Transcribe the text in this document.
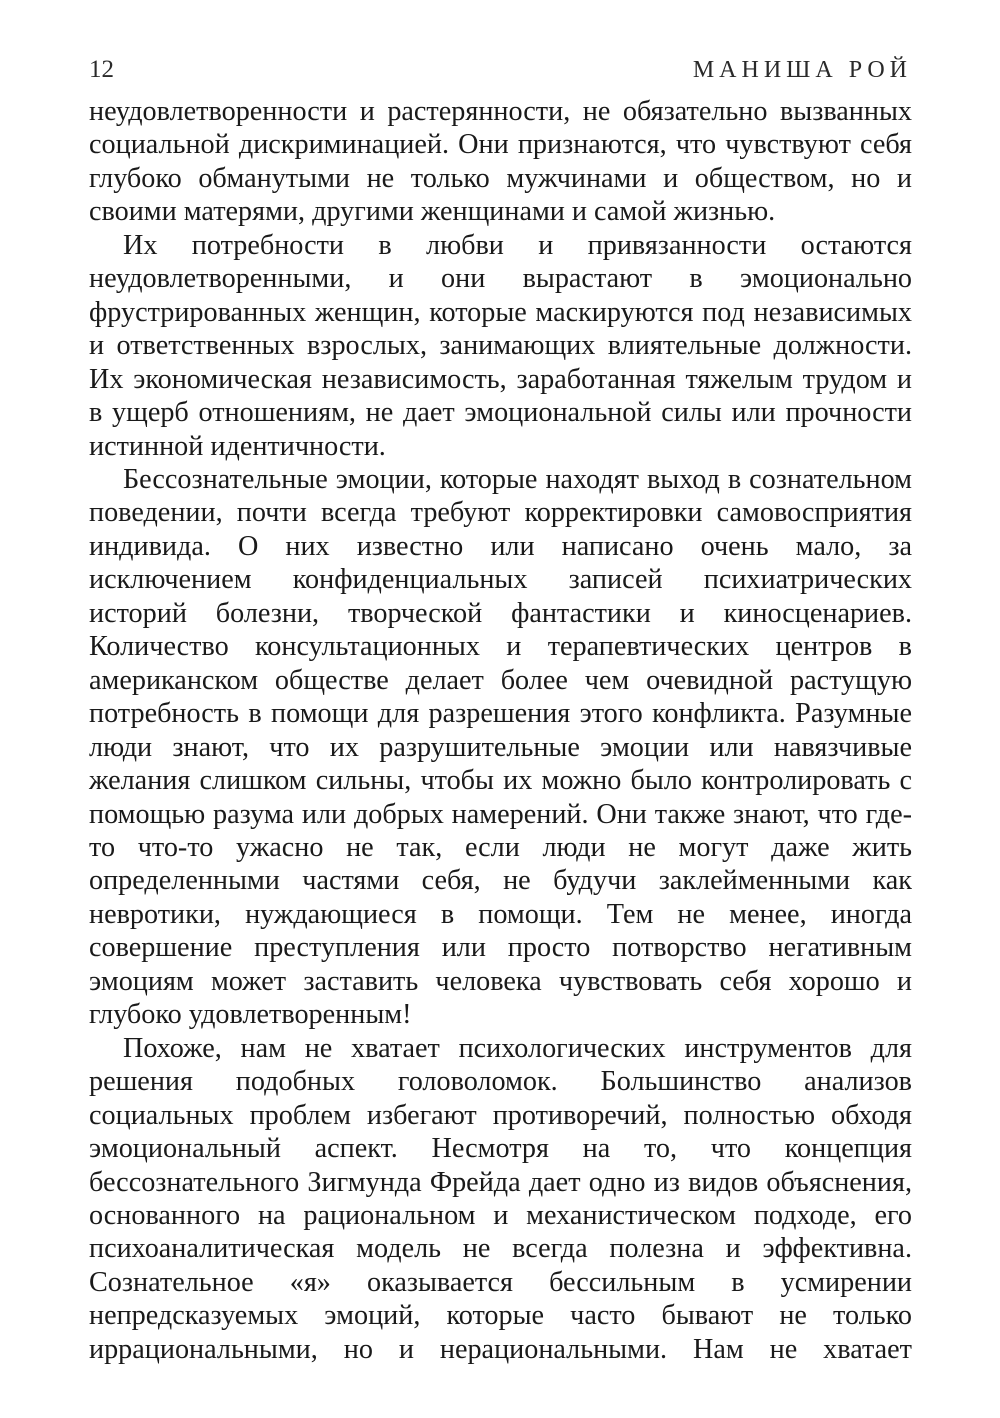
12	МАНИША РОЙ

неудовлетворенности и растерянности, не обязательно вызванных социальной дискриминацией. Они признаются, что чувствуют себя глубоко обманутыми не только мужчинами и обществом, но и своими матерями, другими женщинами и самой жизнью.

Их потребности в любви и привязанности остаются неудовлетворенными, и они вырастают в эмоционально фрустрированных женщин, которые маскируются под независимых и ответственных взрослых, занимающих влиятельные должности. Их экономическая независимость, заработанная тяжелым трудом и в ущерб отношениям, не дает эмоциональной силы или прочности истинной идентичности.

Бессознательные эмоции, которые находят выход в сознательном поведении, почти всегда требуют корректировки самовосприятия индивида. О них известно или написано очень мало, за исключением конфиденциальных записей психиатрических историй болезни, творческой фантастики и киносценариев. Количество консультационных и терапевтических центров в американском обществе делает более чем очевидной растущую потребность в помощи для разрешения этого конфликта. Разумные люди знают, что их разрушительные эмоции или навязчивые желания слишком сильны, чтобы их можно было контролировать с помощью разума или добрых намерений. Они также знают, что где-то что-то ужасно не так, если люди не могут даже жить определенными частями себя, не будучи заклейменными как невротики, нуждающиеся в помощи. Тем не менее, иногда совершение преступления или просто потворство негативным эмоциям может заставить человека чувствовать себя хорошо и глубоко удовлетворенным!

Похоже, нам не хватает психологических инструментов для решения подобных головоломок. Большинство анализов социальных проблем избегают противоречий, полностью обходя эмоциональный аспект. Несмотря на то, что концепция бессознательного Зигмунда Фрейда дает одно из видов объяснения, основанного на рациональном и механистическом подходе, его психоаналитическая модель не всегда полезна и эффективна. Сознательное «я» оказывается бессильным в усмирении непредсказуемых эмоций, которые часто бывают не только иррациональными, но и нерациональными. Нам не хватает
